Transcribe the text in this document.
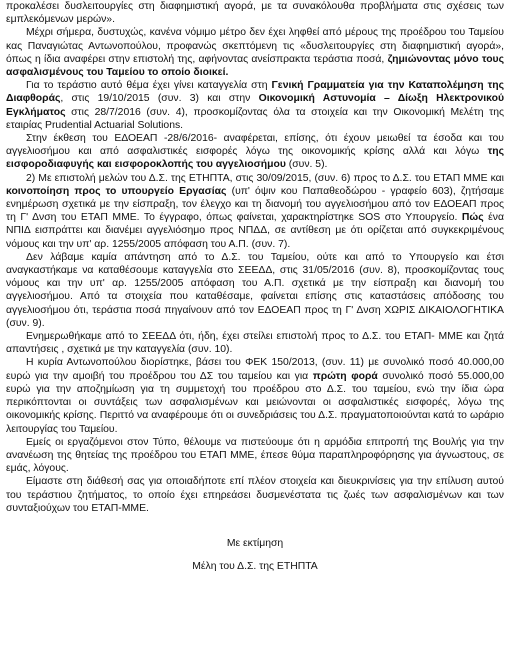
προκαλέσει δυσλειτουργίες στη διαφημιστική αγορά, με τα συνακόλουθα προβλήματα στις σχέσεις των εμπλεκόμενων μερών».

Μέχρι σήμερα, δυστυχώς, κανένα νόμιμο μέτρο δεν έχει ληφθεί από μέρους της προέδρου του Ταμείου κας Παναγιώτας Αντωνοπούλου, προφανώς σκεπτόμενη τις «δυσλειτουργίες στη διαφημιστική αγορά», όπως η ίδια αναφέρει στην επιστολή της, αφήνοντας ανείσπρακτα τεράστια ποσά, ζημιώνοντας μόνο τους ασφαλισμένους του Ταμείου το οποίο διοικεί.

Για το τεράστιο αυτό θέμα έχει γίνει καταγγελία στη Γενική Γραμματεία για την Καταπολέμηση της Διαφθοράς, στις 19/10/2015 (συν. 3) και στην Οικονομική Αστυνομία – Δίωξη Ηλεκτρονικού Εγκλήματος στις 28/7/2016 (συν. 4), προσκομίζοντας όλα τα στοιχεία και την Οικονομική Μελέτη της εταιρίας Prudential Actuarial Solutions.

Στην έκθεση του ΕΔΟΕΑΠ -28/6/2016- αναφέρεται, επίσης, ότι έχουν μειωθεί τα έσοδα και του αγγελιοσήμου και από ασφαλιστικές εισφορές λόγω της οικονομικής κρίσης αλλά και λόγω της εισφοροδιαφυγής και εισφοροκλοπής του αγγελιοσήμου (συν. 5).

2) Με επιστολή μελών του Δ.Σ. της ΕΤΗΠΤΑ, στις 30/09/2015, (συν. 6) προς το Δ.Σ. του ΕΤΑΠ ΜΜΕ και κοινοποίηση προς το υπουργείο Εργασίας (υπ' όψιν κου Παπαθεοδώρου - γραφείο 603), ζητήσαμε ενημέρωση σχετικά με την είσπραξη, τον έλεγχο και τη διανομή του αγγελιοσήμου από τον ΕΔΟΕΑΠ προς τη Γ' Δνση του ΕΤΑΠ ΜΜΕ. Το έγγραφο, όπως φαίνεται, χαρακτηρίστηκε SOS στο Υπουργείο. Πώς ένα ΝΠΙΔ εισπράττει και διανέμει αγγελιόσημο προς ΝΠΔΔ, σε αντίθεση με ότι ορίζεται από συγκεκριμένους νόμους και την υπ' αρ. 1255/2005 απόφαση του Α.Π. (συν. 7).

Δεν λάβαμε καμία απάντηση από το Δ.Σ. του Ταμείου, ούτε και από το Υπουργείο και έτσι αναγκαστήκαμε να καταθέσουμε καταγγελία στο ΣΕΕΔΔ, στις 31/05/2016 (συν. 8), προσκομίζοντας τους νόμους και την υπ' αρ. 1255/2005 απόφαση του Α.Π. σχετικά με την είσπραξη και διανομή του αγγελιοσήμου. Από τα στοιχεία που καταθέσαμε, φαίνεται επίσης στις καταστάσεις απόδοσης του αγγελιοσήμου ότι, τεράστια ποσά πηγαίνουν από τον ΕΔΟΕΑΠ προς τη Γ' Δνση ΧΩΡΙΣ ΔΙΚΑΙΟΛΟΓΗΤΙΚΑ (συν. 9).

Ενημερωθήκαμε από το ΣΕΕΔΔ ότι, ήδη, έχει στείλει επιστολή προς το Δ.Σ. του ΕΤΑΠ- ΜΜΕ και ζητά απαντήσεις , σχετικά με την καταγγελία (συν. 10).

Η κυρία Αντωνοπούλου διορίστηκε, βάσει του ΦΕΚ 150/2013, (συν. 11) με συνολικό ποσό 40.000,00 ευρώ για την αμοιβή του προέδρου του ΔΣ του ταμείου και για πρώτη φορά συνολικό ποσό 55.000,00 ευρώ για την αποζημίωση για τη συμμετοχή του προέδρου στο Δ.Σ. του ταμείου, ενώ την ίδια ώρα περικόπτονται οι συντάξεις των ασφαλισμένων και μειώνονται οι ασφαλιστικές εισφορές, λόγω της οικονομικής κρίσης. Περιττό να αναφέρουμε ότι οι συνεδριάσεις του Δ.Σ. πραγματοποιούνται κατά το ωράριο λειτουργίας του Ταμείου.

Εμείς οι εργαζόμενοι στον Τύπο, θέλουμε να πιστεύουμε ότι η αρμόδια επιτροπή της Βουλής για την ανανέωση της θητείας της προέδρου του ΕΤΑΠ ΜΜΕ, έπεσε θύμα παραπληροφόρησης για άγνωστους, σε εμάς, λόγους.

Είμαστε στη διάθεσή σας για οποιαδήποτε επί πλέον στοιχεία και διευκρινίσεις για την επίλυση αυτού του τεράστιου ζητήματος, το οποίο έχει επηρεάσει δυσμενέστατα τις ζωές των ασφαλισμένων και των συνταξιούχων του ΕΤΑΠ-ΜΜΕ.

Με εκτίμηση
Μέλη του Δ.Σ. της ΕΤΗΠΤΑ
